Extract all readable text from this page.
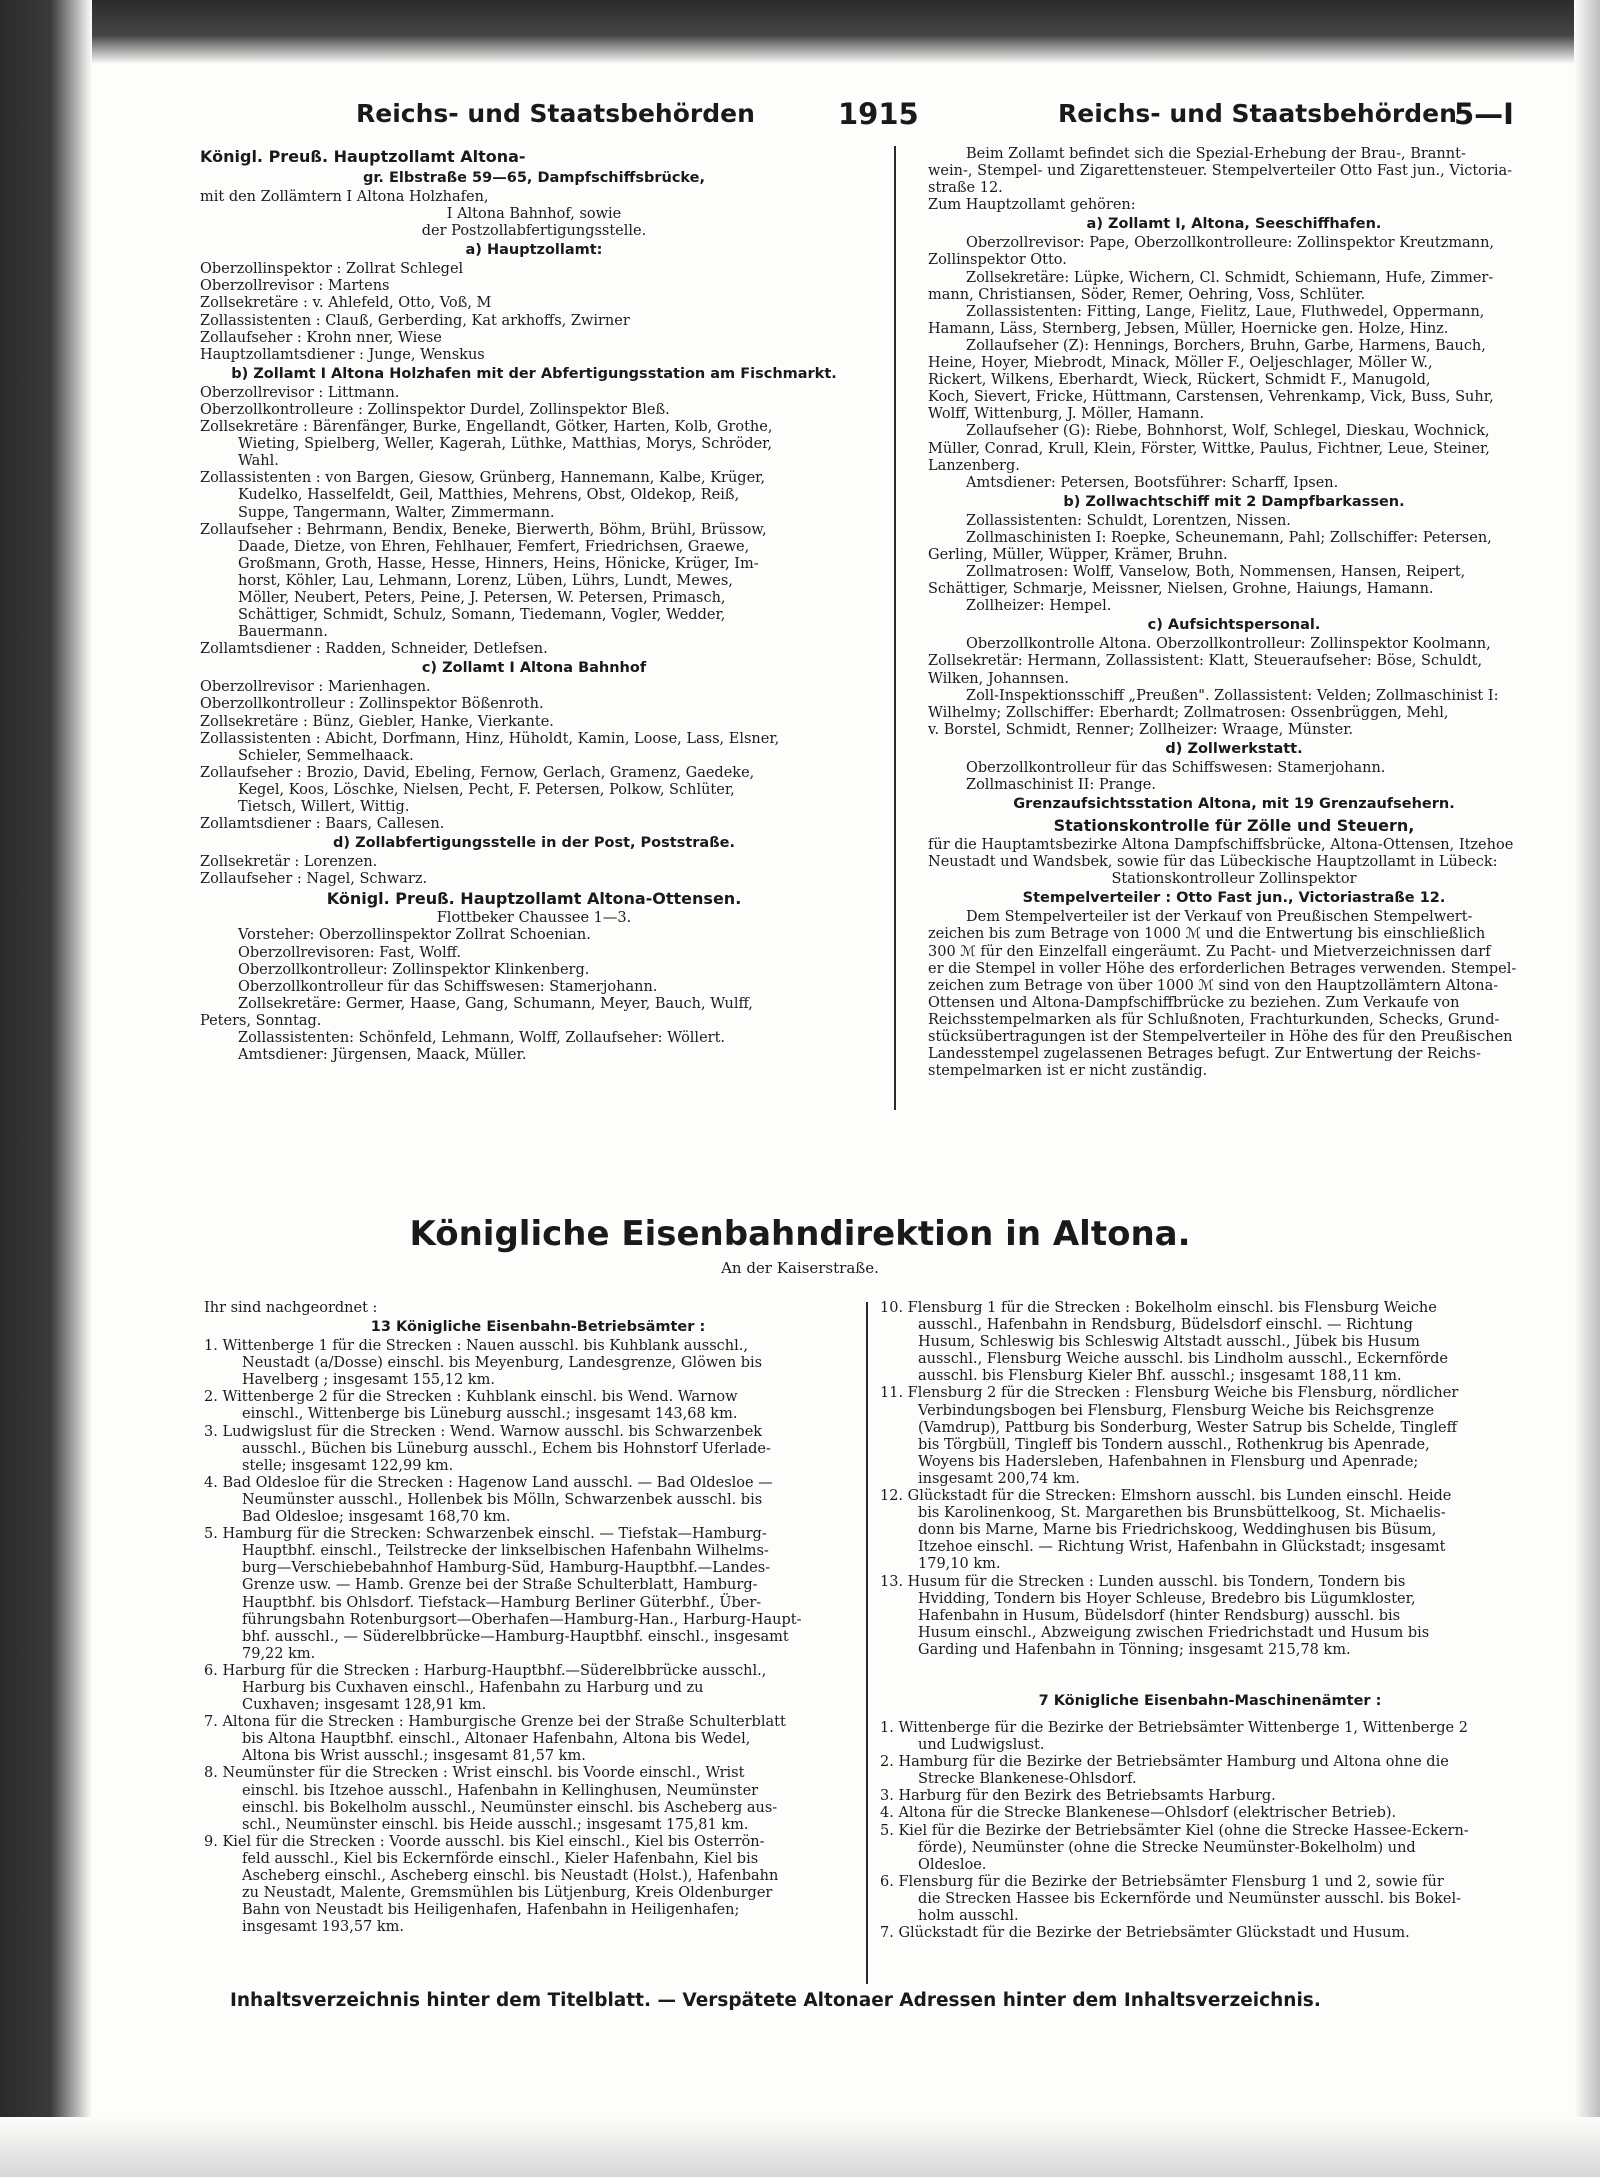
Reichs- und Staatsbehörden	1915	Reichs- und Staatsbehörden
5—I
Königl. Preuß. Hauptzollamt Altona-
gr. Elbstraße 59—65, Dampfschiffsbrücke,
mit den Zollämtern I Altona Holzhafen,
I Altona Bahnhof, sowie
der Postzollabfertigungsstelle.
a) Hauptzollamt:
Oberzollinspektor : Zollrat Schlegel
Oberzollrevisor : Martens
Zollsekretäre : v. Ahlefeld, Otto, Voß, M
Zollassistenten : Clauß, Gerberding, Kat arkhoffs, Zwirner
Zollaufseher : Krohn nner, Wiese
Hauptzollamtsdiener : Junge, Wenskus
b) Zollamt I Altona Holzhafen mit der Abfertigungsstation am Fischmarkt.
Oberzollrevisor : Littmann.
Oberzollkontrolleure : Zollinspektor Durdel, Zollinspektor Bleß.
Zollsekretäre : Bärenfänger, Burke, Engellandt, Götker, Harten, Kolb, Grothe,
Wieting, Spielberg, Weller, Kagerah, Lüthke, Matthias, Morys, Schröder,
Wahl.
Zollassistenten : von Bargen, Giesow, Grünberg, Hannemann, Kalbe, Krüger,
Kudelko, Hasselfeldt, Geil, Matthies, Mehrens, Obst, Oldekop, Reiß,
Suppe, Tangermann, Walter, Zimmermann.
Zollaufseher : Behrmann, Bendix, Beneke, Bierwerth, Böhm, Brühl, Brüssow,
Daade, Dietze, von Ehren, Fehlhauer, Femfert, Friedrichsen, Graewe,
Großmann, Groth, Hasse, Hesse, Hinners, Heins, Hönicke, Krüger, Im-
horst, Köhler, Lau, Lehmann, Lorenz, Lüben, Lührs, Lundt, Mewes,
Möller, Neubert, Peters, Peine, J. Petersen, W. Petersen, Primasch,
Schättiger, Schmidt, Schulz, Somann, Tiedemann, Vogler, Wedder,
Bauermann.
Zollamtsdiener : Radden, Schneider, Detlefsen.
c) Zollamt I Altona Bahnhof
Oberzollrevisor : Marienhagen.
Oberzollkontrolleur : Zollinspektor Bößenroth.
Zollsekretäre : Bünz, Giebler, Hanke, Vierkante.
Zollassistenten : Abicht, Dorfmann, Hinz, Hüholdt, Kamin, Loose, Lass, Elsner,
Schieler, Semmelhaack.
Zollaufseher : Brozio, David, Ebeling, Fernow, Gerlach, Gramenz, Gaedeke,
Kegel, Koos, Löschke, Nielsen, Pecht, F. Petersen, Polkow, Schlüter,
Tietsch, Willert, Wittig.
Zollamtsdiener : Baars, Callesen.
d) Zollabfertigungsstelle in der Post, Poststraße.
Zollsekretär : Lorenzen.
Zollaufseher : Nagel, Schwarz.
Königl. Preuß. Hauptzollamt Altona-Ottensen.
Flottbeker Chaussee 1—3.
Vorsteher: Oberzollinspektor Zollrat Schoenian.
Oberzollrevisoren: Fast, Wolff.
Oberzollkontrolleur: Zollinspektor Klinkenberg.
Oberzollkontrolleur für das Schiffswesen: Stamerjohann.
Zollsekretäre: Germer, Haase, Gang, Schumann, Meyer, Bauch, Wulff,
Peters, Sonntag.
Zollassistenten: Schönfeld, Lehmann, Wolff, Zollaufseher: Wöllert.
Amtsdiener: Jürgensen, Maack, Müller.
Beim Zollamt befindet sich die Spezial-Erhebung der Brau-, Brannt-
wein-, Stempel- und Zigarettensteuer. Stempelverteiler Otto Fast jun., Victoria-
straße 12.
Zum Hauptzollamt gehören:
a) Zollamt I, Altona, Seeschiffhafen.
Oberzollrevisor: Pape, Oberzollkontrolleure: Zollinspektor Kreutzmann,
Zollinspektor Otto.
Zollsekretäre: Lüpke, Wichern, Cl. Schmidt, Schiemann, Hufe, Zimmer-
mann, Christiansen, Söder, Remer, Oehring, Voss, Schlüter.
Zollassistenten: Fitting, Lange, Fielitz, Laue, Fluthwedel, Oppermann,
Hamann, Läss, Sternberg, Jebsen, Müller, Hoernicke gen. Holze, Hinz.
Zollaufseher (Z): Hennings, Borchers, Bruhn, Garbe, Harmens, Bauch,
Heine, Hoyer, Miebrodt, Minack, Möller F., Oeljeschlager, Möller W.,
Rickert, Wilkens, Eberhardt, Wieck, Rückert, Schmidt F., Manugold,
Koch, Sievert, Fricke, Hüttmann, Carstensen, Vehrenkamp, Vick, Buss, Suhr,
Wolff, Wittenburg, J. Möller, Hamann.
Zollaufseher (G): Riebe, Bohnhorst, Wolf, Schlegel, Dieskau, Wochnick,
Müller, Conrad, Krull, Klein, Förster, Wittke, Paulus, Fichtner, Leue, Steiner,
Lanzenberg.
Amtsdiener: Petersen, Bootsführer: Scharff, Ipsen.
b) Zollwachtschiff mit 2 Dampfbarkassen.
Zollassistenten: Schuldt, Lorentzen, Nissen.
Zollmaschinisten I: Roepke, Scheunemann, Pahl; Zollschiffer: Petersen,
Gerling, Müller, Wüpper, Krämer, Bruhn.
Zollmatrosen: Wolff, Vanselow, Both, Nommensen, Hansen, Reipert,
Schättiger, Schmarje, Meissner, Nielsen, Grohne, Haiungs, Hamann.
Zollheizer: Hempel.
c) Aufsichtspersonal.
Oberzollkontrolle Altona. Oberzollkontrolleur: Zollinspektor Koolmann,
Zollsekretär: Hermann, Zollassistent: Klatt, Steueraufseher: Böse, Schuldt,
Wilken, Johannsen.
Zoll-Inspektionsschiff „Preußen". Zollassistent: Velden; Zollmaschinist I:
Wilhelmy; Zollschiffer: Eberhardt; Zollmatrosen: Ossenbrüggen, Mehl,
v. Borstel, Schmidt, Renner; Zollheizer: Wraage, Münster.
d) Zollwerkstatt.
Oberzollkontrolleur für das Schiffswesen: Stamerjohann.
Zollmaschinist II: Prange.
Grenzaufsichtsstation Altona, mit 19 Grenzaufsehern.
Stationskontrolle für Zölle und Steuern,
für die Hauptamtsbezirke Altona Dampfschiffsbrücke, Altona-Ottensen, Itzehoe
Neustadt und Wandsbek, sowie für das Lübeckische Hauptzollamt in Lübeck:
Stationskontrolleur Zollinspektor
Stempelverteiler : Otto Fast jun., Victoriastraße 12.
Dem Stempelverteiler ist der Verkauf von Preußischen Stempelwert-
zeichen bis zum Betrage von 1000 ℳ und die Entwertung bis einschließlich
300 ℳ für den Einzelfall eingeräumt. Zu Pacht- und Mietverzeichnissen darf
er die Stempel in voller Höhe des erforderlichen Betrages verwenden. Stempel-
zeichen zum Betrage von über 1000 ℳ sind von den Hauptzollämtern Altona-
Ottensen und Altona-Dampfschiffbrücke zu beziehen. Zum Verkaufe von
Reichsstempelmarken als für Schlußnoten, Frachturkunden, Schecks, Grund-
stücksübertragungen ist der Stempelverteiler in Höhe des für den Preußischen
Landesstempel zugelassenen Betrages befugt. Zur Entwertung der Reichs-
stempelmarken ist er nicht zuständig.
Königliche Eisenbahndirektion in Altona.
An der Kaiserstraße.
Ihr sind nachgeordnet :
13 Königliche Eisenbahn-Betriebsämter :
1. Wittenberge 1 für die Strecken : Nauen ausschl. bis Kuhblank ausschl.,
Neustadt (a/Dosse) einschl. bis Meyenburg, Landesgrenze, Glöwen bis
Havelberg ; insgesamt 155,12 km.
2. Wittenberge 2 für die Strecken : Kuhblank einschl. bis Wend. Warnow
einschl., Wittenberge bis Lüneburg ausschl.; insgesamt 143,68 km.
3. Ludwigslust für die Strecken : Wend. Warnow ausschl. bis Schwarzenbek
ausschl., Büchen bis Lüneburg ausschl., Echem bis Hohnstorf Uferlade-
stelle; insgesamt 122,99 km.
4. Bad Oldesloe für die Strecken : Hagenow Land ausschl. — Bad Oldesloe —
Neumünster ausschl., Hollenbek bis Mölln, Schwarzenbek ausschl. bis
Bad Oldesloe; insgesamt 168,70 km.
5. Hamburg für die Strecken: Schwarzenbek einschl. — Tiefstak—Hamburg-
Hauptbhf. einschl., Teilstrecke der linkselbischen Hafenbahn Wilhelms-
burg—Verschiebebahnhof Hamburg-Süd, Hamburg-Hauptbhf.—Landes-
Grenze usw. — Hamb. Grenze bei der Straße Schulterblatt, Hamburg-
Hauptbhf. bis Ohlsdorf. Tiefstack—Hamburg Berliner Güterbhf., Über-
führungsbahn Rotenburgsort—Oberhafen—Hamburg-Han., Harburg-Haupt-
bhf. ausschl., — Süderelbbrücke—Hamburg-Hauptbhf. einschl., insgesamt
79,22 km.
6. Harburg für die Strecken : Harburg-Hauptbhf.—Süderelbbrücke ausschl.,
Harburg bis Cuxhaven einschl., Hafenbahn zu Harburg und zu
Cuxhaven; insgesamt 128,91 km.
7. Altona für die Strecken : Hamburgische Grenze bei der Straße Schulterblatt
bis Altona Hauptbhf. einschl., Altonaer Hafenbahn, Altona bis Wedel,
Altona bis Wrist ausschl.; insgesamt 81,57 km.
8. Neumünster für die Strecken : Wrist einschl. bis Voorde einschl., Wrist
einschl. bis Itzehoe ausschl., Hafenbahn in Kellinghusen, Neumünster
einschl. bis Bokelholm ausschl., Neumünster einschl. bis Ascheberg aus-
schl., Neumünster einschl. bis Heide ausschl.; insgesamt 175,81 km.
9. Kiel für die Strecken : Voorde ausschl. bis Kiel einschl., Kiel bis Osterrön-
feld ausschl., Kiel bis Eckernförde einschl., Kieler Hafenbahn, Kiel bis
Ascheberg einschl., Ascheberg einschl. bis Neustadt (Holst.), Hafenbahn
zu Neustadt, Malente, Gremsmühlen bis Lütjenburg, Kreis Oldenburger
Bahn von Neustadt bis Heiligenhafen, Hafenbahn in Heiligenhafen;
insgesamt 193,57 km.
10. Flensburg 1 für die Strecken : Bokelholm einschl. bis Flensburg Weiche
ausschl., Hafenbahn in Rendsburg, Büdelsdorf einschl. — Richtung
Husum, Schleswig bis Schleswig Altstadt ausschl., Jübek bis Husum
ausschl., Flensburg Weiche ausschl. bis Lindholm ausschl., Eckernförde
ausschl. bis Flensburg Kieler Bhf. ausschl.; insgesamt 188,11 km.
11. Flensburg 2 für die Strecken : Flensburg Weiche bis Flensburg, nördlicher
Verbindungsbogen bei Flensburg, Flensburg Weiche bis Reichsgrenze
(Vamdrup), Pattburg bis Sonderburg, Wester Satrup bis Schelde, Tingleff
bis Törgbüll, Tingleff bis Tondern ausschl., Rothenkrug bis Apenrade,
Woyens bis Hadersleben, Hafenbahnen in Flensburg und Apenrade;
insgesamt 200,74 km.
12. Glückstadt für die Strecken: Elmshorn ausschl. bis Lunden einschl. Heide
bis Karolinenkoog, St. Margarethen bis Brunsbüttelkoog, St. Michaelis-
donn bis Marne, Marne bis Friedrichskoog, Weddinghusen bis Büsum,
Itzehoe einschl. — Richtung Wrist, Hafenbahn in Glückstadt; insgesamt
179,10 km.
13. Husum für die Strecken : Lunden ausschl. bis Tondern, Tondern bis
Hvidding, Tondern bis Hoyer Schleuse, Bredebro bis Lügumkloster,
Hafenbahn in Husum, Büdelsdorf (hinter Rendsburg) ausschl. bis
Husum einschl., Abzweigung zwischen Friedrichstadt und Husum bis
Garding und Hafenbahn in Tönning; insgesamt 215,78 km.
7 Königliche Eisenbahn-Maschinenämter :
1. Wittenberge für die Bezirke der Betriebsämter Wittenberge 1, Wittenberge 2
und Ludwigslust.
2. Hamburg für die Bezirke der Betriebsämter Hamburg und Altona ohne die
Strecke Blankenese-Ohlsdorf.
3. Harburg für den Bezirk des Betriebsamts Harburg.
4. Altona für die Strecke Blankenese—Ohlsdorf (elektrischer Betrieb).
5. Kiel für die Bezirke der Betriebsämter Kiel (ohne die Strecke Hassee-Eckern-
förde), Neumünster (ohne die Strecke Neumünster-Bokelholm) und
Oldesloe.
6. Flensburg für die Bezirke der Betriebsämter Flensburg 1 und 2, sowie für
die Strecken Hassee bis Eckernförde und Neumünster ausschl. bis Bokel-
holm ausschl.
7. Glückstadt für die Bezirke der Betriebsämter Glückstadt und Husum.
Inhaltsverzeichnis hinter dem Titelblatt. — Verspätete Altonaer Adressen hinter dem Inhaltsverzeichnis.
